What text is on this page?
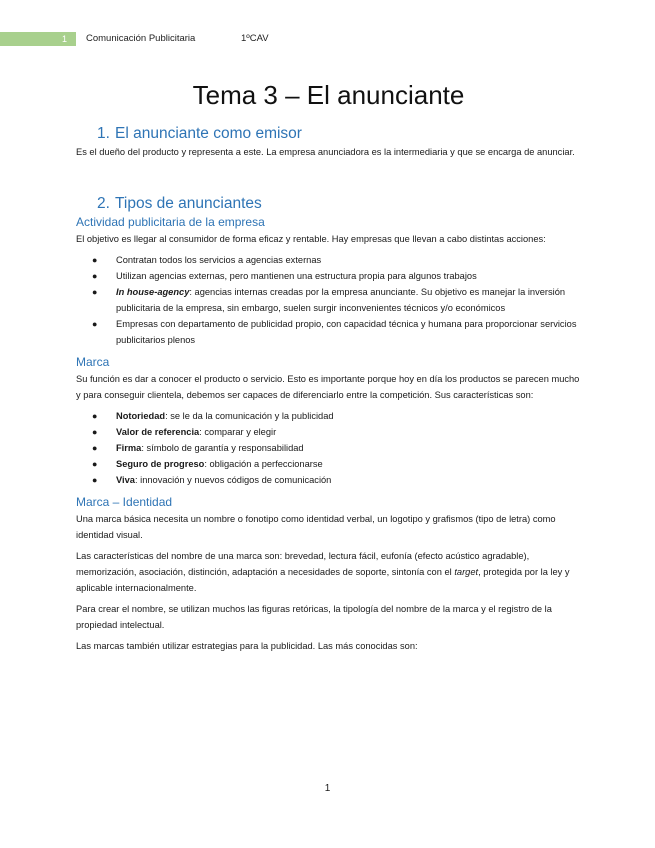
1 Comunicación Publicitaria	1ºCAV
Tema 3 – El anunciante
1. El anunciante como emisor

Es el dueño del producto y representa a este. La empresa anunciadora es la intermediaria y que se encarga de anunciar.

2. Tipos de anunciantes
Actividad publicitaria de la empresa

El objetivo es llegar al consumidor de forma eficaz y rentable. Hay empresas que llevan a cabo distintas acciones:

● Contratan todos los servicios a agencias externas
● Utilizan agencias externas, pero mantienen una estructura propia para algunos trabajos
● In house-agency: agencias internas creadas por la empresa anunciante. Su objetivo es manejar la inversión publicitaria de la empresa, sin embargo, suelen surgir inconvenientes técnicos y/o económicos
● Empresas con departamento de publicidad propio, con capacidad técnica y humana para proporcionar servicios publicitarios plenos
Marca

Su función es dar a conocer el producto o servicio. Esto es importante porque hoy en día los productos se parecen mucho y para conseguir clientela, debemos ser capaces de diferenciarlo entre la competición. Sus características son:

● Notoriedad: se le da la comunicación y la publicidad
● Valor de referencia: comparar y elegir
● Firma: símbolo de garantía y responsabilidad
● Seguro de progreso: obligación a perfeccionarse
● Viva: innovación y nuevos códigos de comunicación
Marca – Identidad

Una marca básica necesita un nombre o fonotipo como identidad verbal, un logotipo y grafismos (tipo de letra) como identidad visual.

Las características del nombre de una marca son: brevedad, lectura fácil, eufonía (efecto acústico agradable), memorización, asociación, distinción, adaptación a necesidades de soporte, sintonía con el target, protegida por la ley y aplicable internacionalmente.

Para crear el nombre, se utilizan muchos las figuras retóricas, la tipología del nombre de la marca y el registro de la propiedad intelectual.

Las marcas también utilizar estrategias para la publicidad. Las más conocidas son:

1
